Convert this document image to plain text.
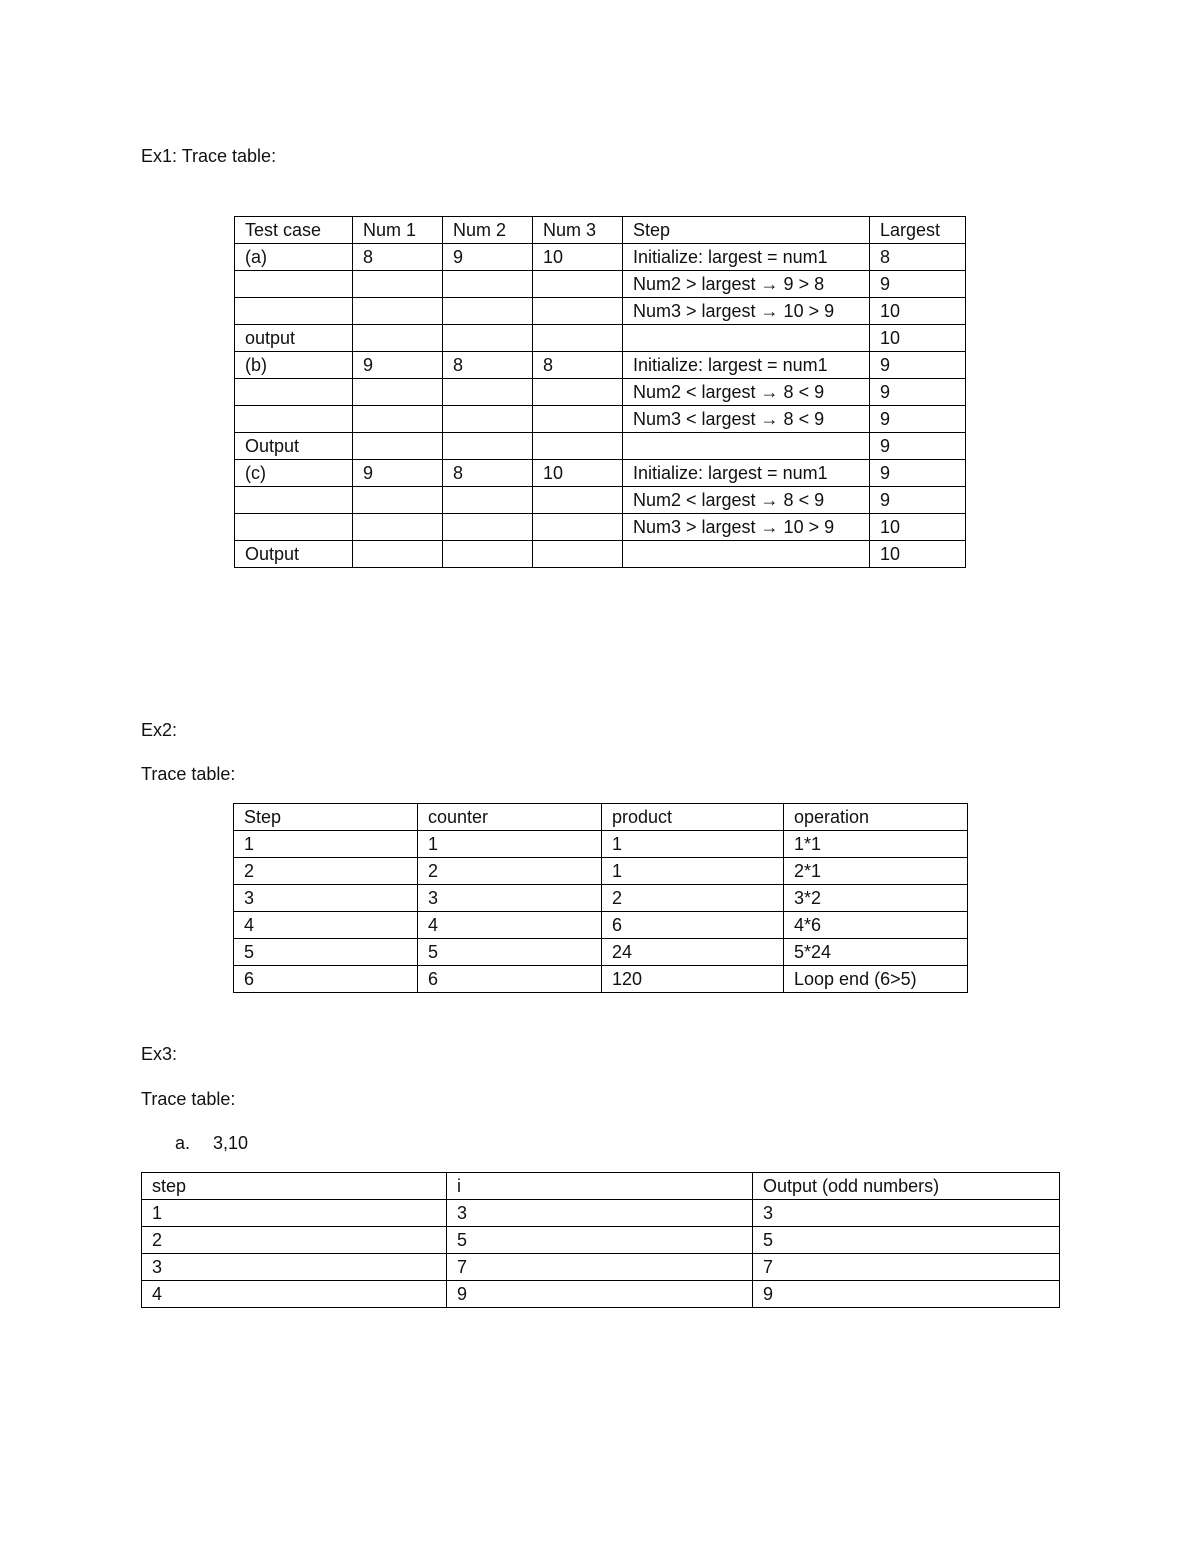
Ex1: Trace table:
Test case	Num 1	Num 2	Num 3	Step	Largest
(a)	8	9	10	Initialize: largest = num1	8
				Num2 > largest → 9 > 8	9
				Num3 > largest → 10 > 9	10
output					10
(b)	9	8	8	Initialize: largest = num1	9
				Num2 < largest → 8 < 9	9
				Num3 < largest → 8 < 9	9
Output					9
(c)	9	8	10	Initialize: largest = num1	9
				Num2 < largest → 8 < 9	9
				Num3 > largest → 10 > 9	10
Output					10
Ex2:
Trace table:
Step	counter	product	operation
1	1	1	1*1
2	2	1	2*1
3	3	2	3*2
4	4	6	4*6
5	5	24	5*24
6	6	120	Loop end (6>5)
Ex3:
Trace table:
a. 3,10
step	i	Output (odd numbers)
1	3	3
2	5	5
3	7	7
4	9	9
